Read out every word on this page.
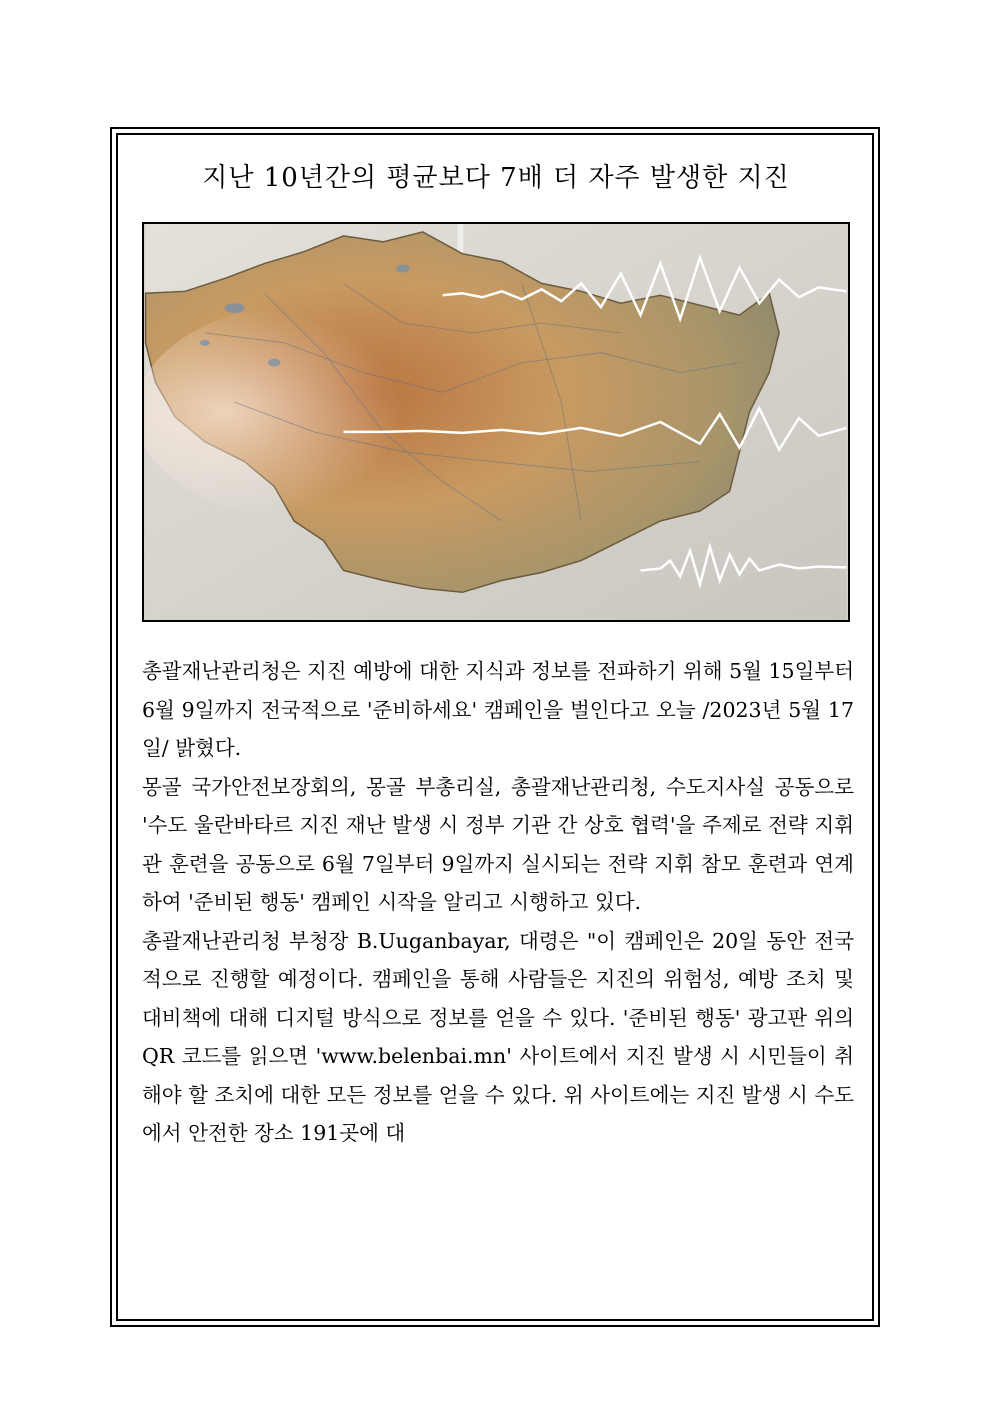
지난 10년간의 평균보다 7배 더 자주 발생한 지진

총괄재난관리청은 지진 예방에 대한 지식과 정보를 전파하기 위해 5월 15일부터 6월 9일까지 전국적으로 '준비하세요' 캠페인을 벌인다고 오늘 /2023년 5월 17일/ 밝혔다.

몽골 국가안전보장회의, 몽골 부총리실, 총괄재난관리청, 수도지사실 공동으로 '수도 울란바타르 지진 재난 발생 시 정부 기관 간 상호 협력'을 주제로 전략 지휘관 훈련을 공동으로 6월 7일부터 9일까지 실시되는 전략 지휘 참모 훈련과 연계하여 '준비된 행동' 캠페인 시작을 알리고 시행하고 있다.

총괄재난관리청 부청장 B.Uuganbayar, 대령은 "이 캠페인은 20일 동안 전국적으로 진행할 예정이다. 캠페인을 통해 사람들은 지진의 위험성, 예방 조치 및 대비책에 대해 디지털 방식으로 정보를 얻을 수 있다. '준비된 행동' 광고판 위의 QR 코드를 읽으면 'www.belenbai.mn' 사이트에서 지진 발생 시 시민들이 취해야 할 조치에 대한 모든 정보를 얻을 수 있다. 위 사이트에는 지진 발생 시 수도에서 안전한 장소 191곳에 대
